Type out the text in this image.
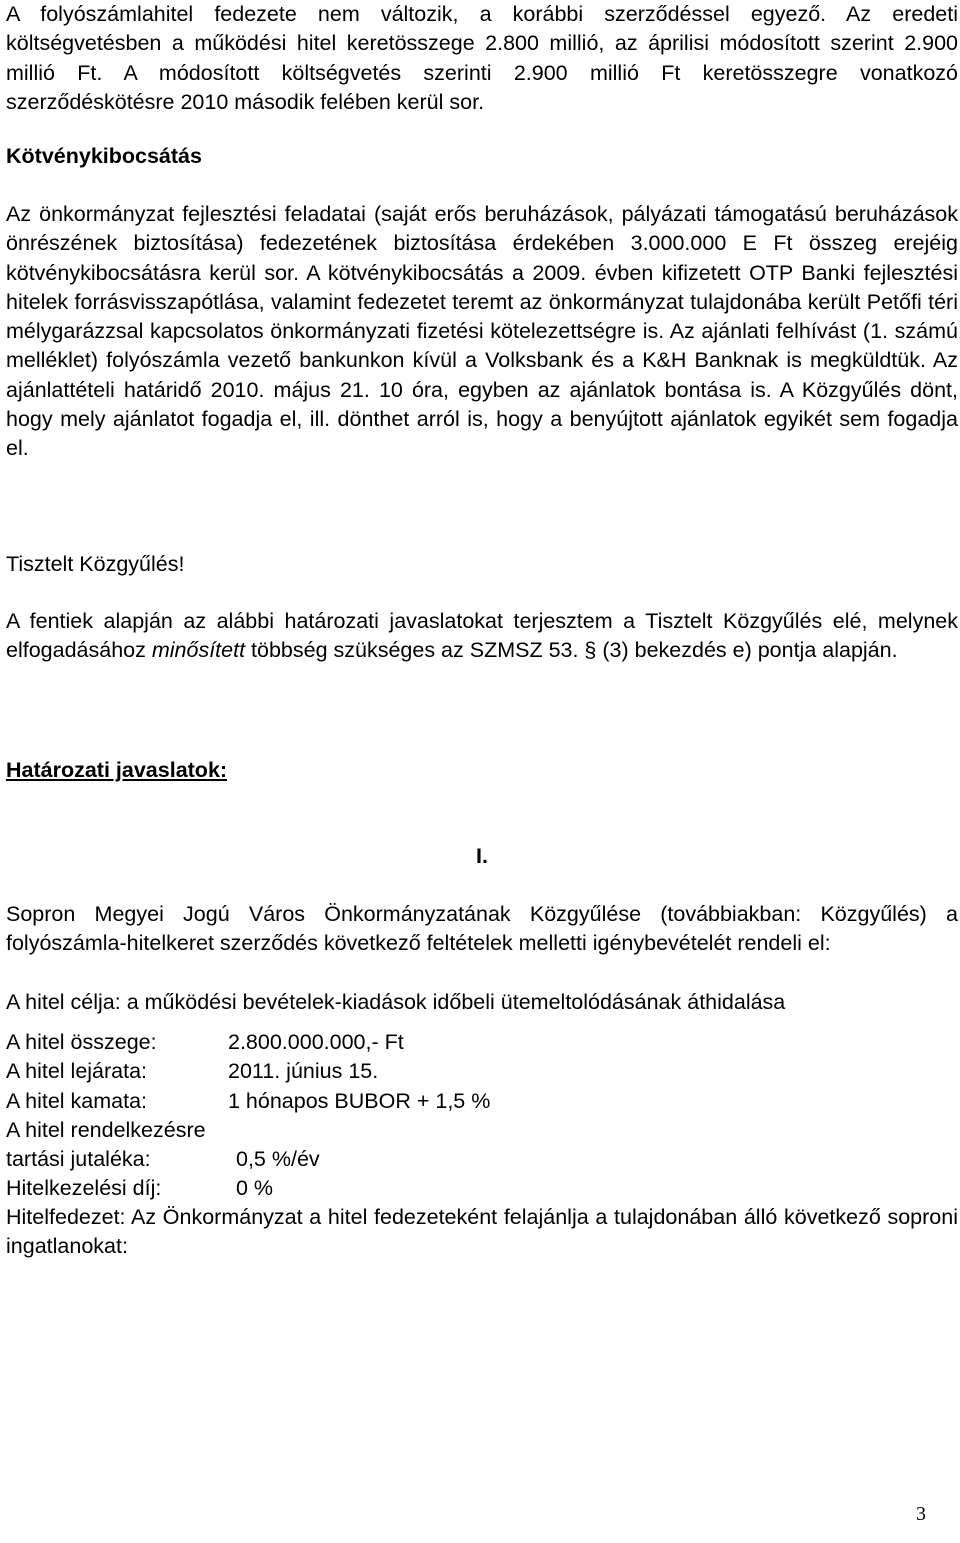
A folyószámlahitel fedezete nem változik, a korábbi szerződéssel egyező. Az eredeti költségvetésben a működési hitel keretösszege 2.800 millió, az áprilisi módosított szerint 2.900 millió Ft. A módosított költségvetés szerinti 2.900 millió Ft keretösszegre vonatkozó szerződéskötésre 2010 második felében kerül sor.

Kötvénykibocsátás

Az önkormányzat fejlesztési feladatai (saját erős beruházások, pályázati támogatású beruházások önrészének biztosítása) fedezetének biztosítása érdekében 3.000.000 E Ft összeg erejéig kötvénykibocsátásra kerül sor. A kötvénykibocsátás a 2009. évben kifizetett OTP Banki fejlesztési hitelek forrásvisszapótlása, valamint fedezetet teremt az önkormányzat tulajdonába került Petőfi téri mélygarázzsal kapcsolatos önkormányzati fizetési kötelezettségre is. Az ajánlati felhívást (1. számú melléklet) folyószámla vezető bankunkon kívül a Volksbank és a K&H Banknak is megküldtük. Az ajánlattételi határidő 2010. május 21. 10 óra, egyben az ajánlatok bontása is. A Közgyűlés dönt, hogy mely ajánlatot fogadja el, ill. dönthet arról is, hogy a benyújtott ajánlatok egyikét sem fogadja el.

Tisztelt Közgyűlés!

A fentiek alapján az alábbi határozati javaslatokat terjesztem a Tisztelt Közgyűlés elé, melynek elfogadásához minősített többség szükséges az SZMSZ 53. § (3) bekezdés e) pontja alapján.

Határozati javaslatok:

I.

Sopron Megyei Jogú Város Önkormányzatának Közgyűlése (továbbiakban: Közgyűlés) a folyószámla-hitelkeret szerződés következő feltételek melletti igénybevételét rendeli el:

A hitel célja: a működési bevételek-kiadások időbeli ütemeltolódásának áthidalása

A hitel összege:	2.800.000.000,- Ft
A hitel lejárata:	2011. június 15.
A hitel kamata:	1 hónapos BUBOR + 1,5 %
A hitel rendelkezésre
tartási jutaléka:	0,5 %/év
Hitelkezelési díj:	0 %

Hitelfedezet: Az Önkormányzat a hitel fedezeteként felajánlja a tulajdonában álló következő soproni ingatlanokat:

3
